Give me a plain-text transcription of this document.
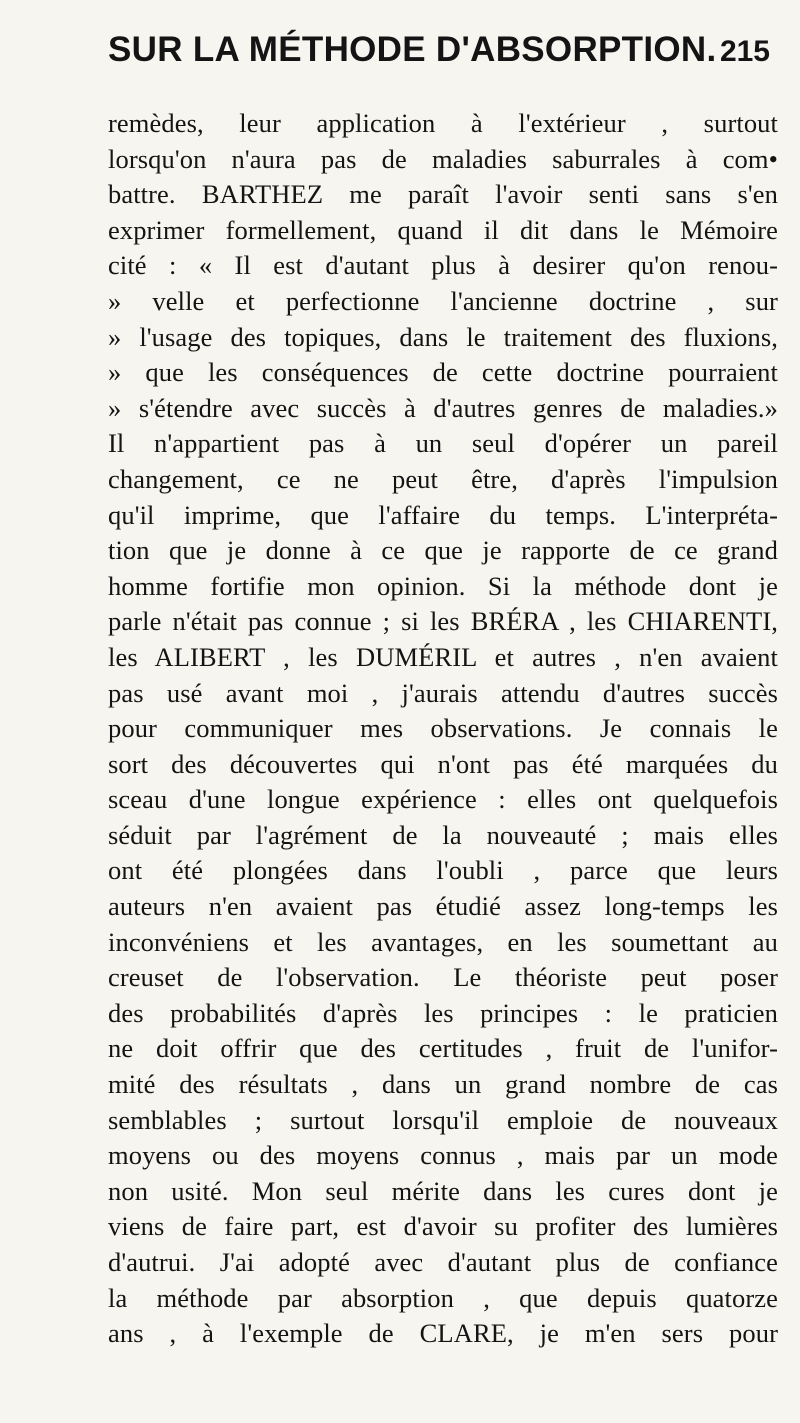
SUR LA MÉTHODE D'ABSORPTION. 215
remèdes, leur application à l'extérieur , surtout
lorsqu'on n'aura pas de maladies saburrales à com•
battre. BARTHEZ me paraît l'avoir senti sans s'en
exprimer formellement, quand il dit dans le Mémoire
cité : « Il est d'autant plus à desirer qu'on renou-
» velle et perfectionne l'ancienne doctrine , sur
» l'usage des topiques, dans le traitement des fluxions,
» que les conséquences de cette doctrine pourraient
» s'étendre avec succès à d'autres genres de maladies.»
Il n'appartient pas à un seul d'opérer un pareil
changement, ce ne peut être, d'après l'impulsion
qu'il imprime, que l'affaire du temps. L'interpréta-
tion que je donne à ce que je rapporte de ce grand
homme fortifie mon opinion. Si la méthode dont je
parle n'était pas connue ; si les BRÉRA , les CHIARENTI,
les ALIBERT , les DUMÉRIL et autres , n'en avaient
pas usé avant moi , j'aurais attendu d'autres succès
pour communiquer mes observations. Je connais le
sort des découvertes qui n'ont pas été marquées du
sceau d'une longue expérience : elles ont quelquefois
séduit par l'agrément de la nouveauté ; mais elles
ont été plongées dans l'oubli , parce que leurs
auteurs n'en avaient pas étudié assez long-temps les
inconvéniens et les avantages, en les soumettant au
creuset de l'observation. Le théoriste peut poser
des probabilités d'après les principes : le praticien
ne doit offrir que des certitudes , fruit de l'unifor-
mité des résultats , dans un grand nombre de cas
semblables ; surtout lorsqu'il emploie de nouveaux
moyens ou des moyens connus , mais par un mode
non usité. Mon seul mérite dans les cures dont je
viens de faire part, est d'avoir su profiter des lumières
d'autrui. J'ai adopté avec d'autant plus de confiance
la méthode par absorption , que depuis quatorze
ans , à l'exemple de CLARE, je m'en sers pour
